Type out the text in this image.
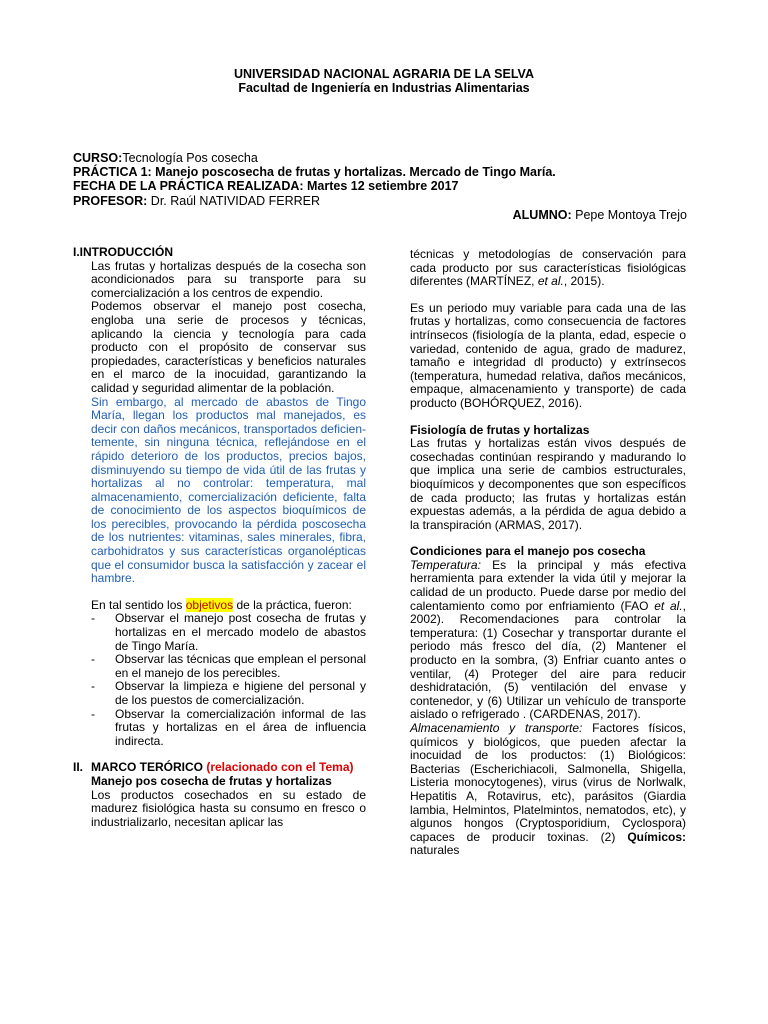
UNIVERSIDAD NACIONAL AGRARIA DE LA SELVA
Facultad de Ingeniería en Industrias Alimentarias
CURSO:Tecnología Pos cosecha
PRÁCTICA 1: Manejo poscosecha de frutas y hortalizas. Mercado de Tingo María.
FECHA DE LA PRÁCTICA REALIZADA: Martes 12 setiembre 2017
PROFESOR: Dr. Raúl NATIVIDAD FERRER
ALUMNO: Pepe Montoya Trejo
I.INTRODUCCIÓN
Las frutas y hortalizas después de la cosecha son acondicionados para su transporte para su comercialización a los centros de expendio.
Podemos observar el manejo post cosecha, engloba una serie de procesos y técnicas, aplicando la ciencia y tecnología para cada producto con el propósito de conservar sus propiedades, características y beneficios naturales en el marco de la inocuidad, garantizando la calidad y seguridad alimentar de la población.
Sin embargo, al mercado de abastos de Tingo María, llegan los productos mal manejados, es decir con daños mecánicos, transportados deficien- temente, sin ninguna técnica, reflejándose en el rápido deterioro de los productos, precios bajos, disminuyendo su tiempo de vida útil de las frutas y hortalizas al no controlar: temperatura, mal almacenamiento, comercialización deficiente, falta de conocimiento de los aspectos bioquímicos de los perecibles, provocando la pérdida poscosecha de los nutrientes: vitaminas, sales minerales, fibra, carbohidratos y sus características organolépticas que el consumidor busca la satisfacción y zacear el hambre.
En tal sentido los objetivos de la práctica, fueron:
- Observar el manejo post cosecha de frutas y hortalizas en el mercado modelo de abastos de Tingo María.
- Observar las técnicas que emplean el personal en el manejo de los perecibles.
- Observar la limpieza e higiene del personal y de los puestos de comercialización.
- Observar la comercialización informal de las frutas y hortalizas en el área de influencia indirecta.
II. MARCO TERÓRICO (relacionado con el Tema)
Manejo pos cosecha de frutas y hortalizas
Los productos cosechados en su estado de madurez fisiológica hasta su consumo en fresco o industrializarlo, necesitan aplicar las
técnicas y metodologías de conservación para cada producto por sus características fisiológicas diferentes (MARTÍNEZ, et al., 2015).
Es un periodo muy variable para cada una de las frutas y hortalizas, como consecuencia de factores intrínsecos (fisiología de la planta, edad, especie o variedad, contenido de agua, grado de madurez, tamaño e integridad dl producto) y extrínsecos (temperatura, humedad relativa, daños mecánicos, empaque, almacenamiento y transporte) de cada producto (BOHÓRQUEZ, 2016).
Fisiología de frutas y hortalizas
Las frutas y hortalizas están vivos después de cosechadas continúan respirando y madurando lo que implica una serie de cambios estructurales, bioquímicos y decomponentes que son específicos de cada producto; las frutas y hortalizas están expuestas además, a la pérdida de agua debido a la transpiración (ARMAS, 2017).
Condiciones para el manejo pos cosecha
Temperatura: Es la principal y más efectiva herramienta para extender la vida útil y mejorar la calidad de un producto. Puede darse por medio del calentamiento como por enfriamiento (FAO et al., 2002). Recomendaciones para controlar la temperatura: (1) Cosechar y transportar durante el periodo más fresco del día, (2) Mantener el producto en la sombra, (3) Enfriar cuanto antes o ventilar, (4) Proteger del aire para reducir deshidratación, (5) ventilación del envase y contenedor, y (6) Utilizar un vehículo de transporte aislado o refrigerado . (CARDENAS, 2017).
Almacenamiento y transporte: Factores físicos, químicos y biológicos, que pueden afectar la inocuidad de los productos: (1) Biológicos: Bacterias (Escherichiacoli, Salmonella, Shigella, Listeria monocytogenes), virus (virus de Norlwalk, Hepatitis A, Rotavirus, etc), parásitos (Giardia lambia, Helmintos, Platelmintos, nematodos, etc), y algunos hongos (Cryptosporidium, Cyclospora) capaces de producir toxinas. (2) Químicos: naturales
